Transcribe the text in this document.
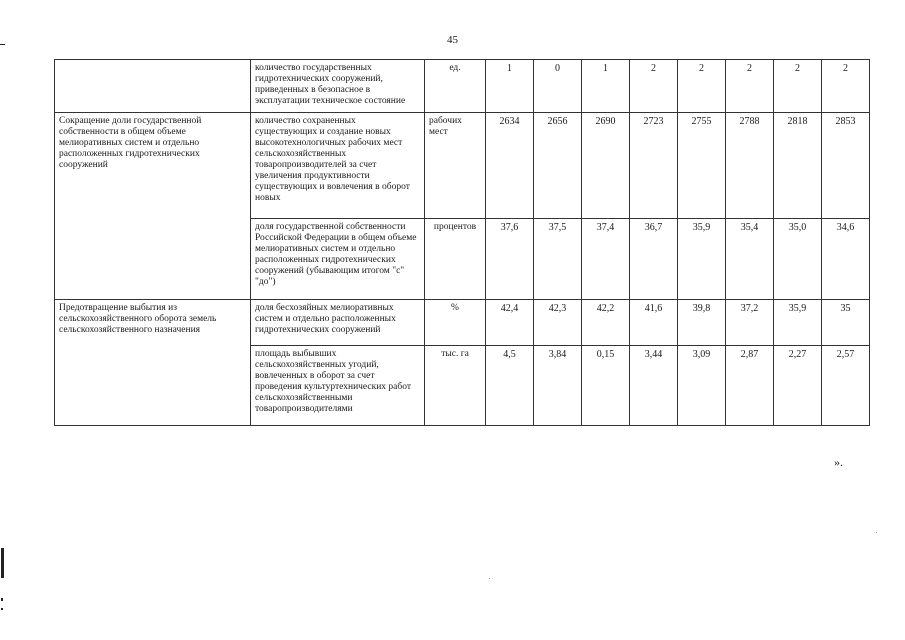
45
	количество государственных гидротехнических сооружений, приведенных в безопасное в эксплуатации техническое состояние	ед.	1	0	1	2	2	2	2	2
Сокращение доли государственной собственности в общем объеме мелиоративных систем и отдельно расположенных гидротехнических сооружений	количество сохраненных существующих и создание новых высокотехнологичных рабочих мест сельскохозяйственных товаропроизводителей за счет увеличения продуктивности существующих и вовлечения в оборот новых	рабочих мест	2634	2656	2690	2723	2755	2788	2818	2853
	доля государственной собственности Российской Федерации в общем объеме мелиоративных систем и отдельно расположенных гидротехнических сооружений (убывающим итогом "с" "до")	процентов	37,6	37,5	37,4	36,7	35,9	35,4	35,0	34,6
Предотвращение выбытия из сельскохозяйственного оборота земель сельскохозяйственного назначения	доля бесхозяйных мелиоративных систем и отдельно расположенных гидротехнических сооружений	%	42,4	42,3	42,2	41,6	39,8	37,2	35,9	35
	площадь выбывших сельскохозяйственных угодий, вовлеченных в оборот за счет проведения культуртехнических работ сельскохозяйственными товаропроизводителями	тыс. га	4,5	3,84	0,15	3,44	3,09	2,87	2,27	2,57
».
